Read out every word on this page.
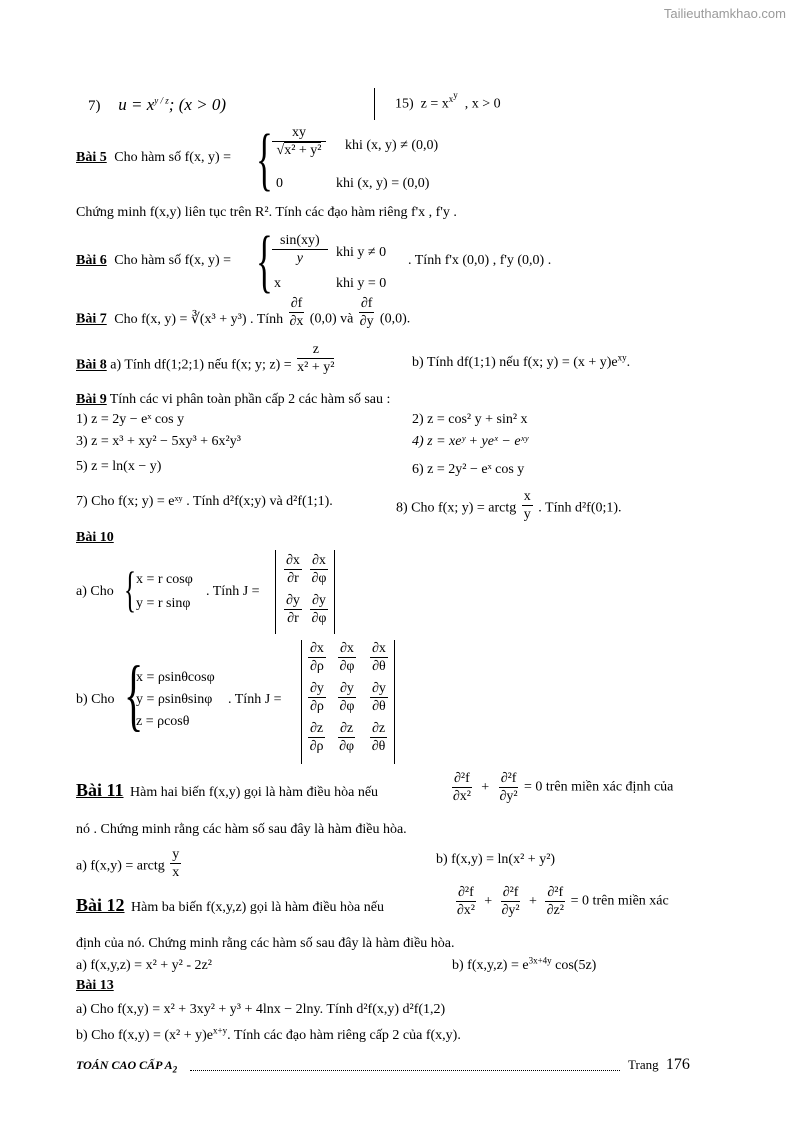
Tailieuthamkhao.com
7) $u = x^{y / z}$; (x > 0)	15) $z = x^{x^y}$  , x > 0
Bài 5 Cho hàm số f(x, y) = { $\frac{xy}{\text{√x² + y²}}$ khi (x, y) ≠ (0,0)
0	khi (x, y) = (0,0)
Chứng minh f(x,y) liên tục trên R². Tính các đạo hàm riêng f'x , f'y .
Bài 6 Cho hàm số f(x, y) = { $\frac{\sin(xy)}{y}$ khi y ≠ 0
x	khi y = 0
. Tính f'x (0,0) , f'y (0,0) .
Bài 7 Cho f(x, y) = ∛(x³ + y³) . Tính $\frac{\partial f}{\partial x} (0,0)$ và $\frac{\partial f}{\partial y} (0,0)$.
Bài 8 a) Tính df(1;2;1) nếu f(x; y; $z) = \frac{z}{\text{x² + y²}}$	b) Tính df(1;1) nếu f(x; $y) = (x + y)e^{xy}$.
Bài 9 Tính các vi phân toàn phần cấp 2 các hàm số sau :
1) z = 2y − eˣ cos y	2) z = cos² y + sin² x
3) z = x³ + xy² − 5xy³ + 6x²y³	4) z = xeʸ + yeˣ − eˣʸ
5) z = ln(x − y)	6) z = 2y² − eˣ cos y
7) Cho f(x; y) = eˣʸ . Tính d²f(x;y) và d²f(1;1).	8) Cho f(x; y) = arctg $\frac{x}{y}$ . Tính d²f(0;1).
Bài 10
a) Cho { x = r cosφ
y = r sinφ
. Tính J =
$\frac{\partial x}{\partial r} \frac{\partial x}{\partial\varphi}$
$\frac{\partial y}{\partial r} \frac{\partial y}{\partial\varphi}$
b) Cho {
x = ρsinθcosφ
y = ρsinθsinφ
z = ρcosθ
. Tính J =
$\frac{\partial x}{\partial\rho} \frac{\partial x}{\partial\varphi} \frac{\partial x}{\partial\theta}$
$\frac{\partial y}{\partial\rho} \frac{\partial y}{\partial\varphi} \frac{\partial y}{\partial\theta}$
$\frac{\partial z}{\partial\rho} \frac{\partial z}{\partial\varphi} \frac{\partial z}{\partial\theta}$
Bài 11 Hàm hai biến f(x,y) gọi là hàm điều hòa nếu	$\frac{\text{∂²f}}{\text{∂x²}} + \frac{\text{∂²f}}{\text{∂y²}} = 0$ trên miền xác định của
nó . Chứng minh rằng các hàm số sau đây là hàm điều hòa.
a) f(x,y) = arctg $\frac{y}{x}$	b) f(x,y) = ln(x² + y²)
Bài 12 Hàm ba biến f(x,y,z) gọi là hàm điều hòa nếu	$\frac{\text{∂²f}}{\text{∂x²}} + \frac{\text{∂²f}}{\text{∂y²}} + \frac{\text{∂²f}}{\text{∂z²}} = 0$ trên miền xác
định của nó. Chứng minh rằng các hàm số sau đây là hàm điều hòa.
a) f(x,y,z) = x² + y² - 2z²	b) $f(x,y,z) = e^{3x+4y}$ cos(5z)
Bài 13
a) Cho f(x,y) = x² + 3xy² + y³ + 4lnx − 2lny. Tính d²f(x,y) d²f(1,2)
b) Cho $f(x,y) = (x^2 + y)e^{x+y}$. Tính các đạo hàm riêng cấp 2 của f(x,y).
TOÁN CAO CẤP $A_2$	Trang 176
